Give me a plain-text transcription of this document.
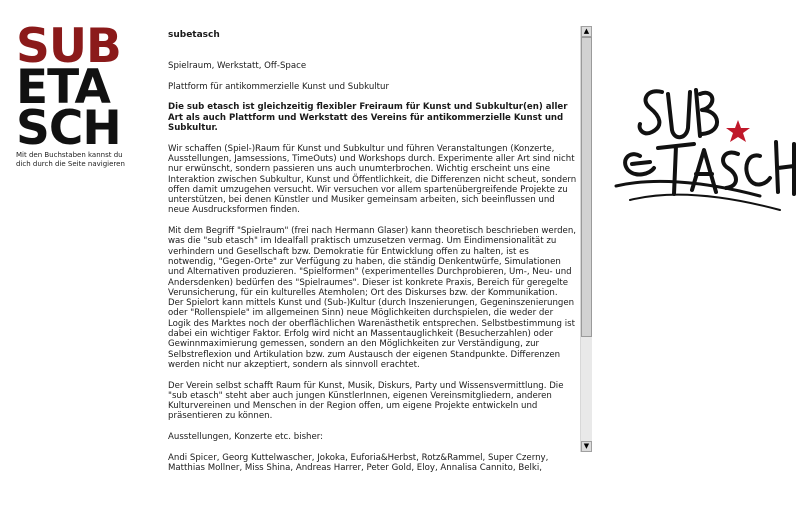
SUB
ETA
SCH
Mit den Buchstaben kannst du dich durch die Seite navigieren
subetasch

Spielraum, Werkstatt, Off-Space

Plattform für antikommerzielle Kunst und Subkultur

Die sub etasch ist gleichzeitig flexibler Freiraum für Kunst und Subkultur(en) aller Art als auch Plattform und Werkstatt des Vereins für antikommerzielle Kunst und Subkultur.

Wir schaffen (Spiel-)Raum für Kunst und Subkultur und führen Veranstaltungen (Konzerte, Ausstellungen, Jamsessions, TimeOuts) und Workshops durch. Experimente aller Art sind nicht nur erwünscht, sondern passieren uns auch unumterbrochen. Wichtig erscheint uns eine Interaktion zwischen Subkultur, Kunst und Öffentlichkeit, die Differenzen nicht scheut, sondern offen damit umzugehen versucht. Wir versuchen vor allem spartenübergreifende Projekte zu unterstützen, bei denen Künstler und Musiker gemeinsam arbeiten, sich beeinflussen und neue Ausdrucksformen finden.

Mit dem Begriff "Spielraum" (frei nach Hermann Glaser) kann theoretisch beschrieben werden, was die "sub etasch" im Idealfall praktisch umzusetzen vermag. Um Eindimensionalität zu verhindern und Gesellschaft bzw. Demokratie für Entwicklung offen zu halten, ist es notwendig, "Gegen-Orte" zur Verfügung zu haben, die ständig Denkentwürfe, Simulationen und Alternativen produzieren. "Spielformen" (experimentelles Durchprobieren, Um-, Neu- und Andersdenken) bedürfen des "Spielraumes". Dieser ist konkrete Praxis, Bereich für geregelte Verunsicherung, für ein kulturelles Atemholen; Ort des Diskurses bzw. der Kommunikation.

Der Spielort kann mittels Kunst und (Sub-)Kultur (durch Inszenierungen, Gegeninszenierungen oder "Rollenspiele" im allgemeinen Sinn) neue Möglichkeiten durchspielen, die weder der Logik des Marktes noch der oberflächlichen Warenästhetik entsprechen. Selbstbestimmung ist dabei ein wichtiger Faktor. Erfolg wird nicht an Massentauglichkeit (Besucherzahlen) oder Gewinnmaximierung gemessen, sondern an den Möglichkeiten zur Verständigung, zur Selbstreflexion und Artikulation bzw. zum Austausch der eigenen Standpunkte. Differenzen werden nicht nur akzeptiert, sondern als sinnvoll erachtet.

Der Verein selbst schafft Raum für Kunst, Musik, Diskurs, Party und Wissensvermittlung. Die "sub etasch" steht aber auch jungen KünstlerInnen, eigenen Vereinsmitgliedern, anderen Kulturvereinen und Menschen in der Region offen, um eigene Projekte entwickeln und präsentieren zu können.

Ausstellungen, Konzerte etc. bisher:

Andi Spicer, Georg Kuttelwascher, Jokoka, Euforia&Herbst, Rotz&Rammel, Super Czerny, Matthias Mollner, Miss Shina, Andreas Harrer, Peter Gold, Eloy, Annalisa Cannito, Belki,

▲
▼
